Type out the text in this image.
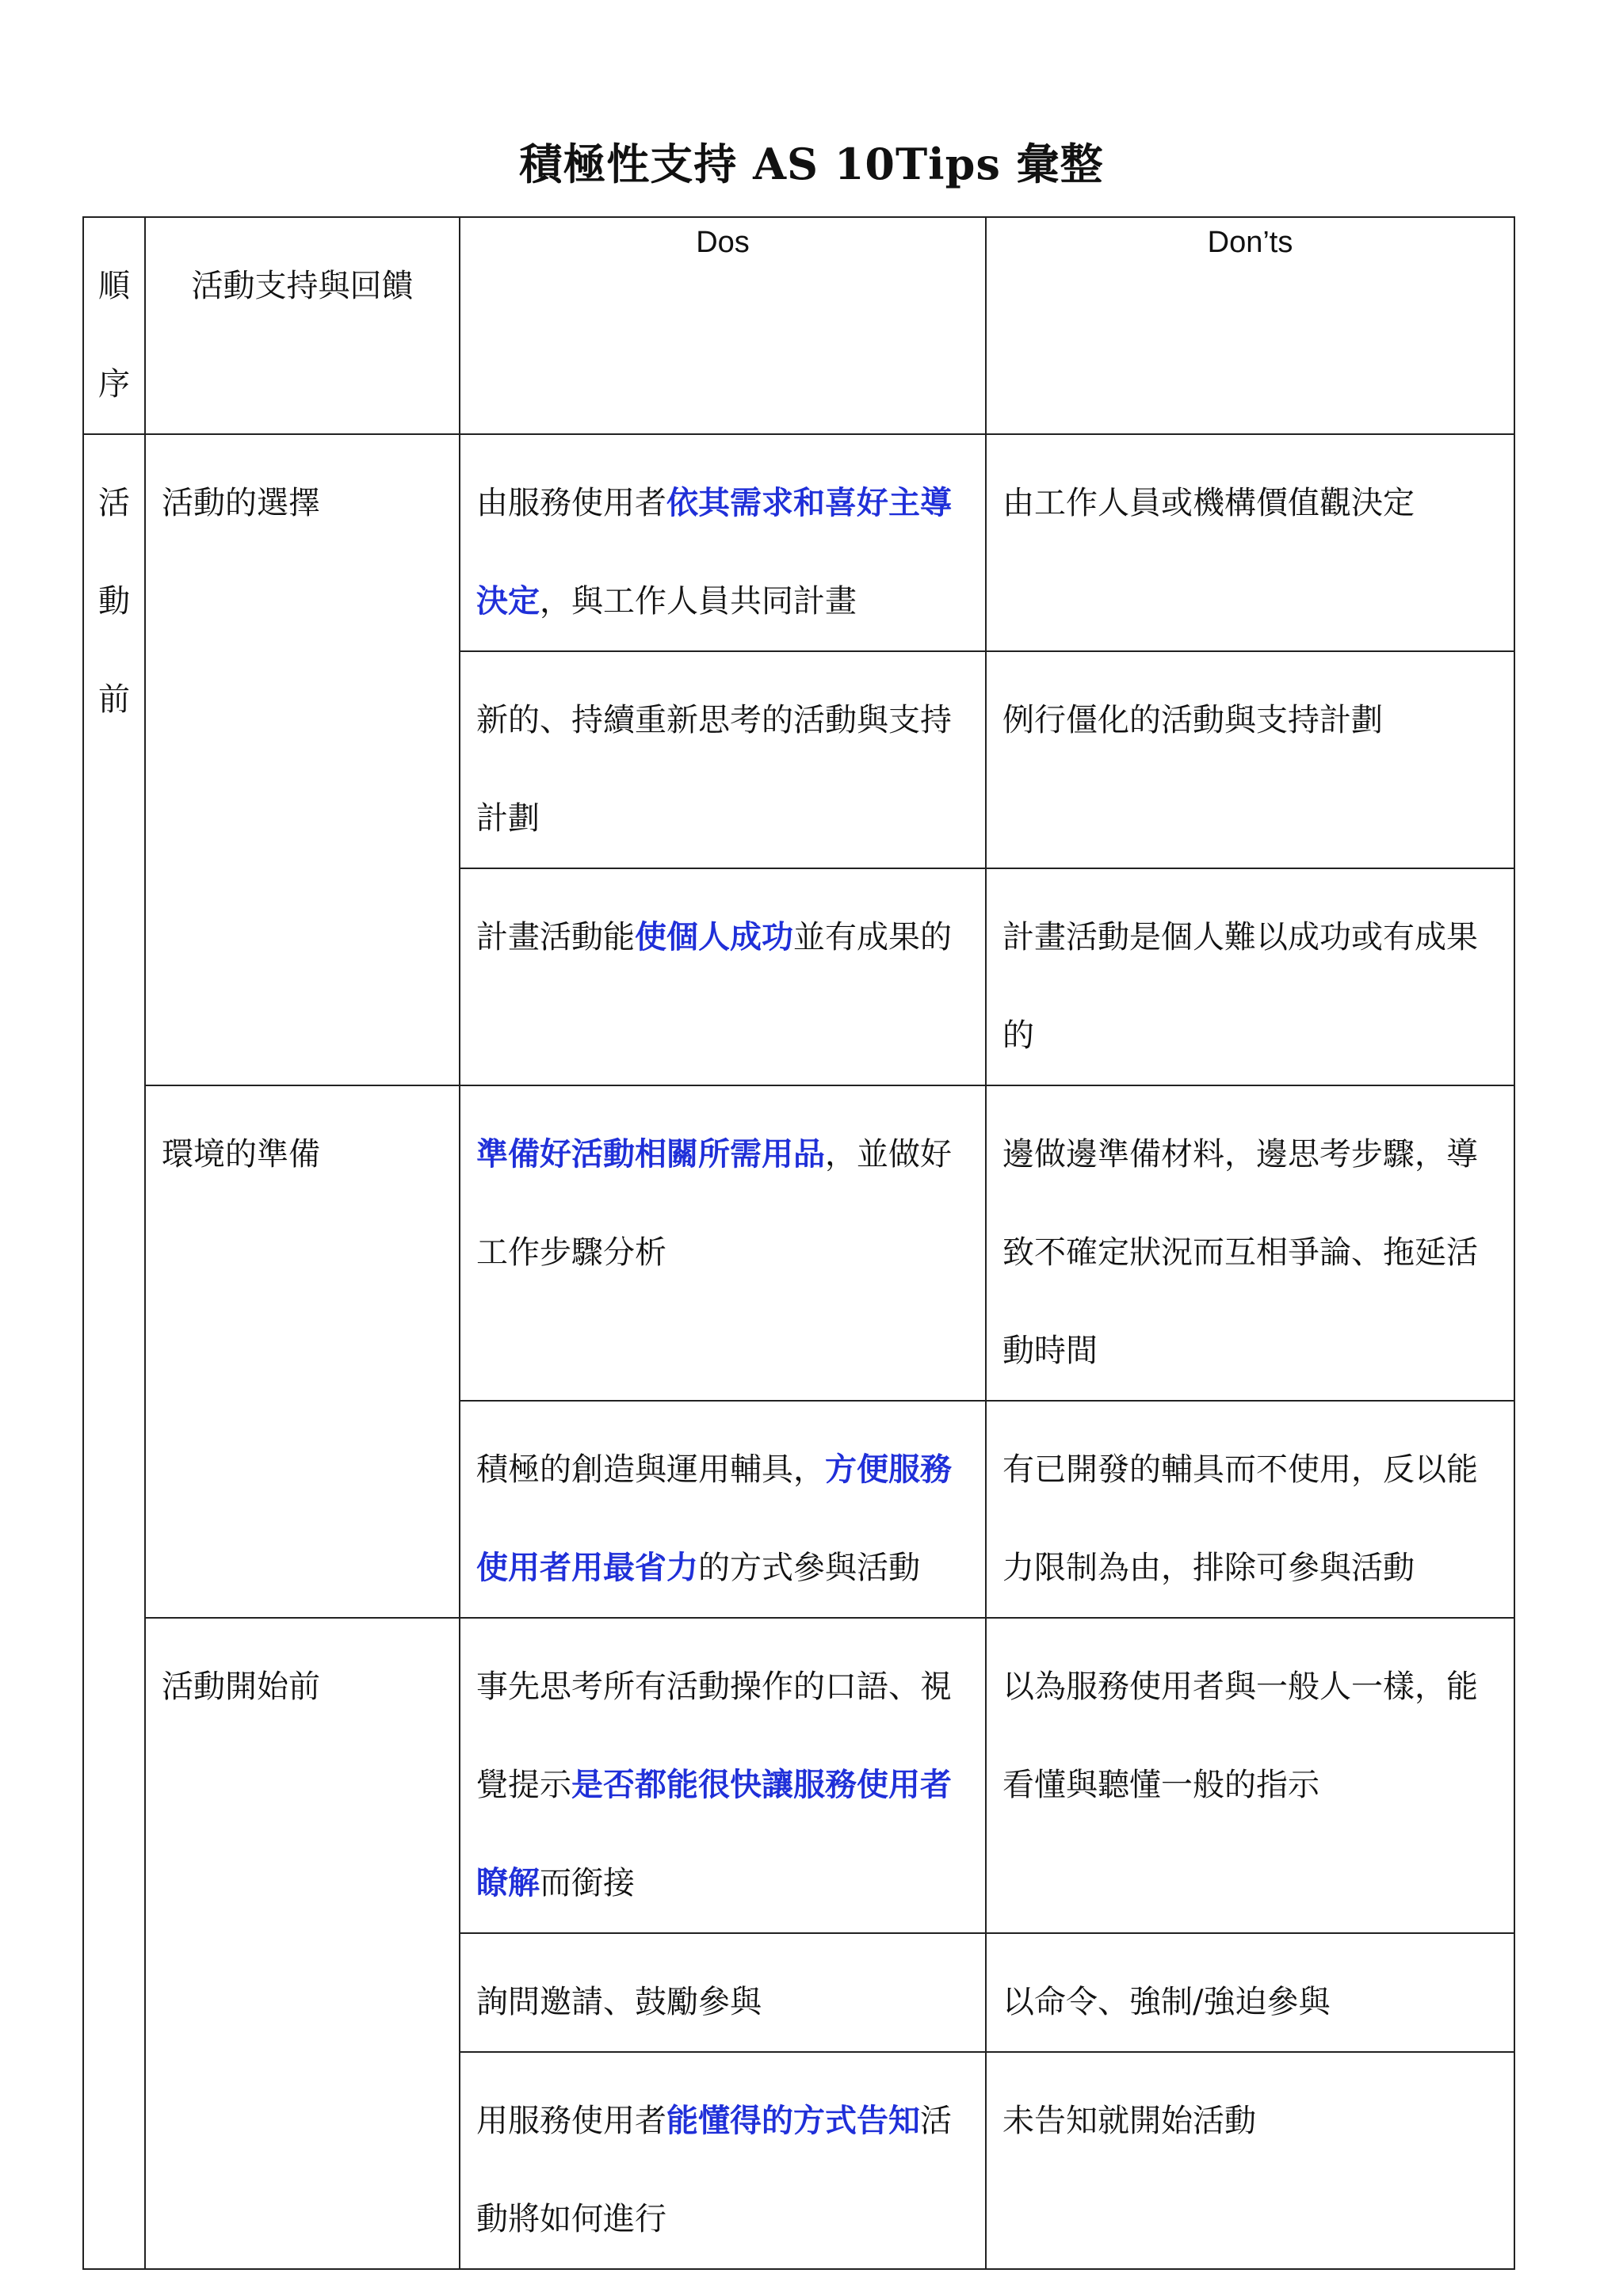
積極性支持 AS 10Tips 彙整
順
序	活動支持與回饋	Dos	Don’ts

活
動
前	活動的選擇	由服務使用者依其需求和喜好主導決定，與工作人員共同計畫	由工作人員或機構價值觀決定

		新的、持續重新思考的活動與支持計劃	例行僵化的活動與支持計劃

		計畫活動能使個人成功並有成果的	計畫活動是個人難以成功或有成果的

	環境的準備	準備好活動相關所需用品，並做好工作步驟分析	邊做邊準備材料，邊思考步驟，導致不確定狀況而互相爭論、拖延活動時間

		積極的創造與運用輔具，方便服務使用者用最省力的方式參與活動	有已開發的輔具而不使用，反以能力限制為由，排除可參與活動

	活動開始前	事先思考所有活動操作的口語、視覺提示是否都能很快讓服務使用者瞭解而銜接	以為服務使用者與一般人一樣，能看懂與聽懂一般的指示

		詢問邀請、鼓勵參與	以命令、強制/強迫參與

		用服務使用者能懂得的方式告知活動將如何進行	未告知就開始活動
